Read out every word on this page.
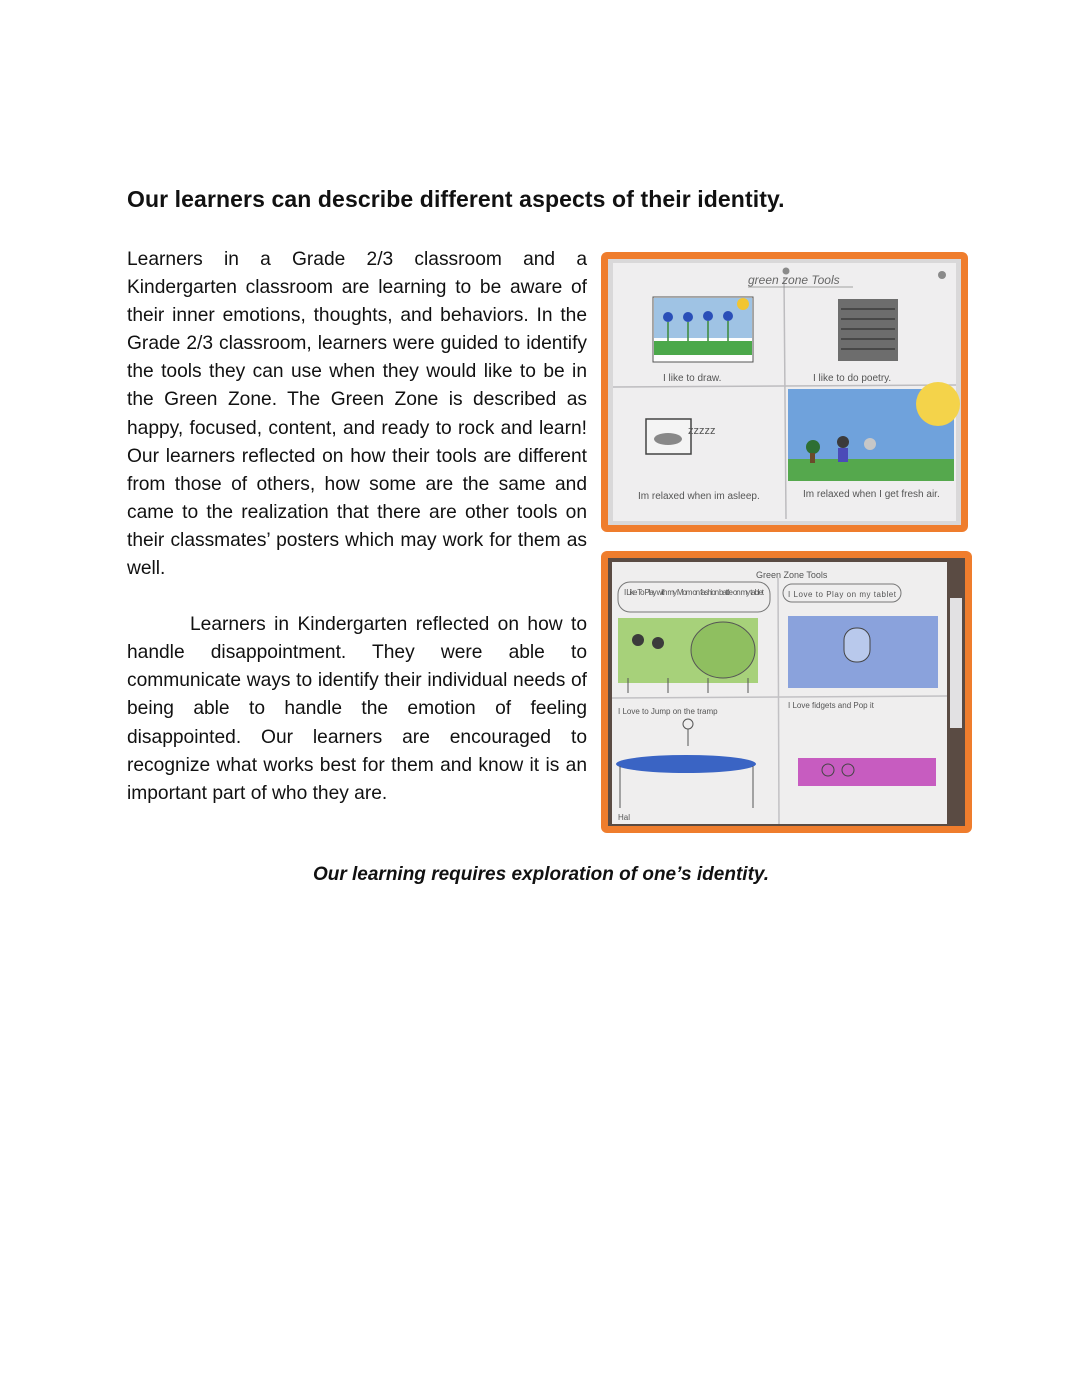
Our learners can describe different aspects of their identity.

Learners in a Grade 2/3 classroom and a Kindergarten classroom are learning to be aware of their inner emotions, thoughts, and behaviors. In the Grade 2/3 classroom, learners were guided to identify the tools they can use when they would like to be in the Green Zone. The Green Zone is described as happy, focused, content, and ready to rock and learn! Our learners reflected on how their tools are different from those of others, how some are the same and came to the realization that there are other tools on their classmates’ posters which may work for them as well.

Learners in Kindergarten reflected on how to handle disappointment. They were able to communicate ways to identify their individual needs of being able to handle the emotion of feeling disappointed. Our learners are encouraged to recognize what works best for them and know it is an important part of who they are.

green zone Tools
I like to draw.	I like to do poetry.
zzzzz
Im relaxed when im asleep.	Im relaxed when I get fresh air.
Green Zone Tools
I Like To Play with my Mom on fashion battle on my tablet	I Love to Play on my tablet
I Love to Jump on the tramp
I Love fidgets and Pop it
Hal
Our learning requires exploration of one’s identity.
